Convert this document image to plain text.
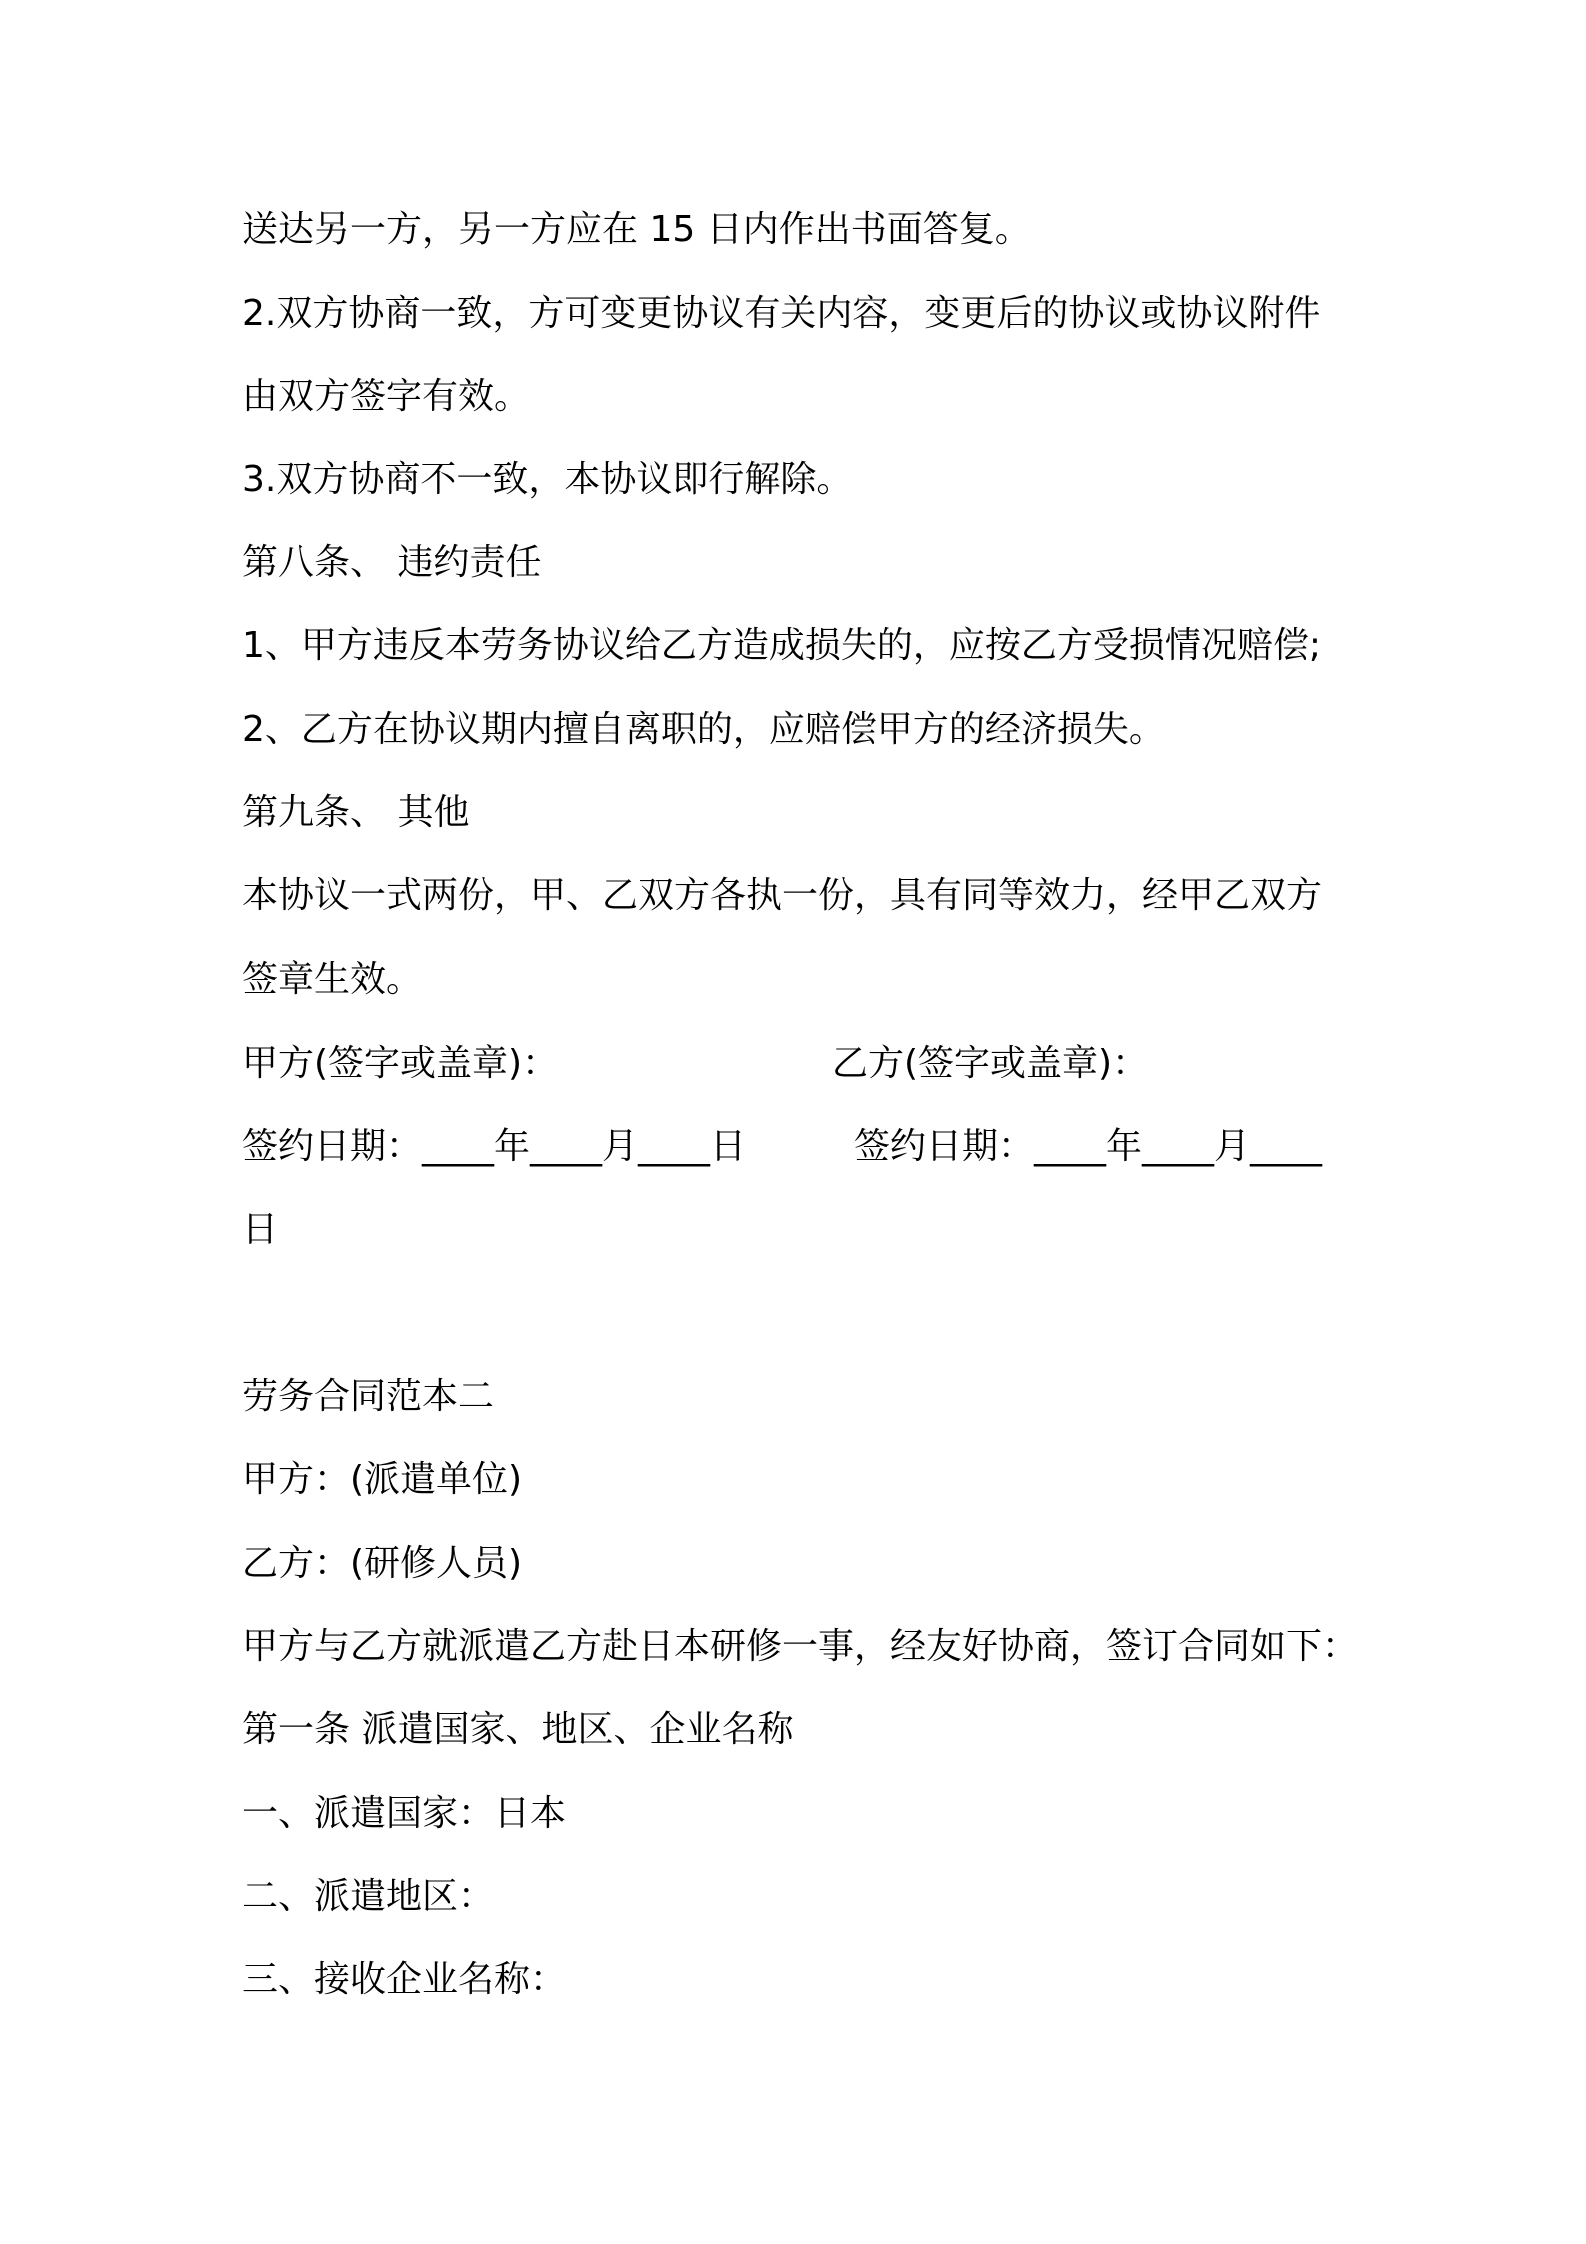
送达另一方，另一方应在 15 日内作出书面答复。
2.双方协商一致，方可变更协议有关内容，变更后的协议或协议附件
由双方签字有效。
3.双方协商不一致，本协议即行解除。
第八条、 违约责任
1、甲方违反本劳务协议给乙方造成损失的，应按乙方受损情况赔偿;
2、乙方在协议期内擅自离职的，应赔偿甲方的经济损失。
第九条、 其他
本协议一式两份，甲、乙双方各执一份，具有同等效力，经甲乙双方
签章生效。
甲方(签字或盖章)：	乙方(签字或盖章)：
签约日期：____年____月____日	签约日期：____年____月____
日
劳务合同范本二
甲方：(派遣单位)
乙方：(研修人员)
甲方与乙方就派遣乙方赴日本研修一事，经友好协商，签订合同如下：
第一条 派遣国家、地区、企业名称
一、派遣国家：日本
二、派遣地区：
三、接收企业名称：
